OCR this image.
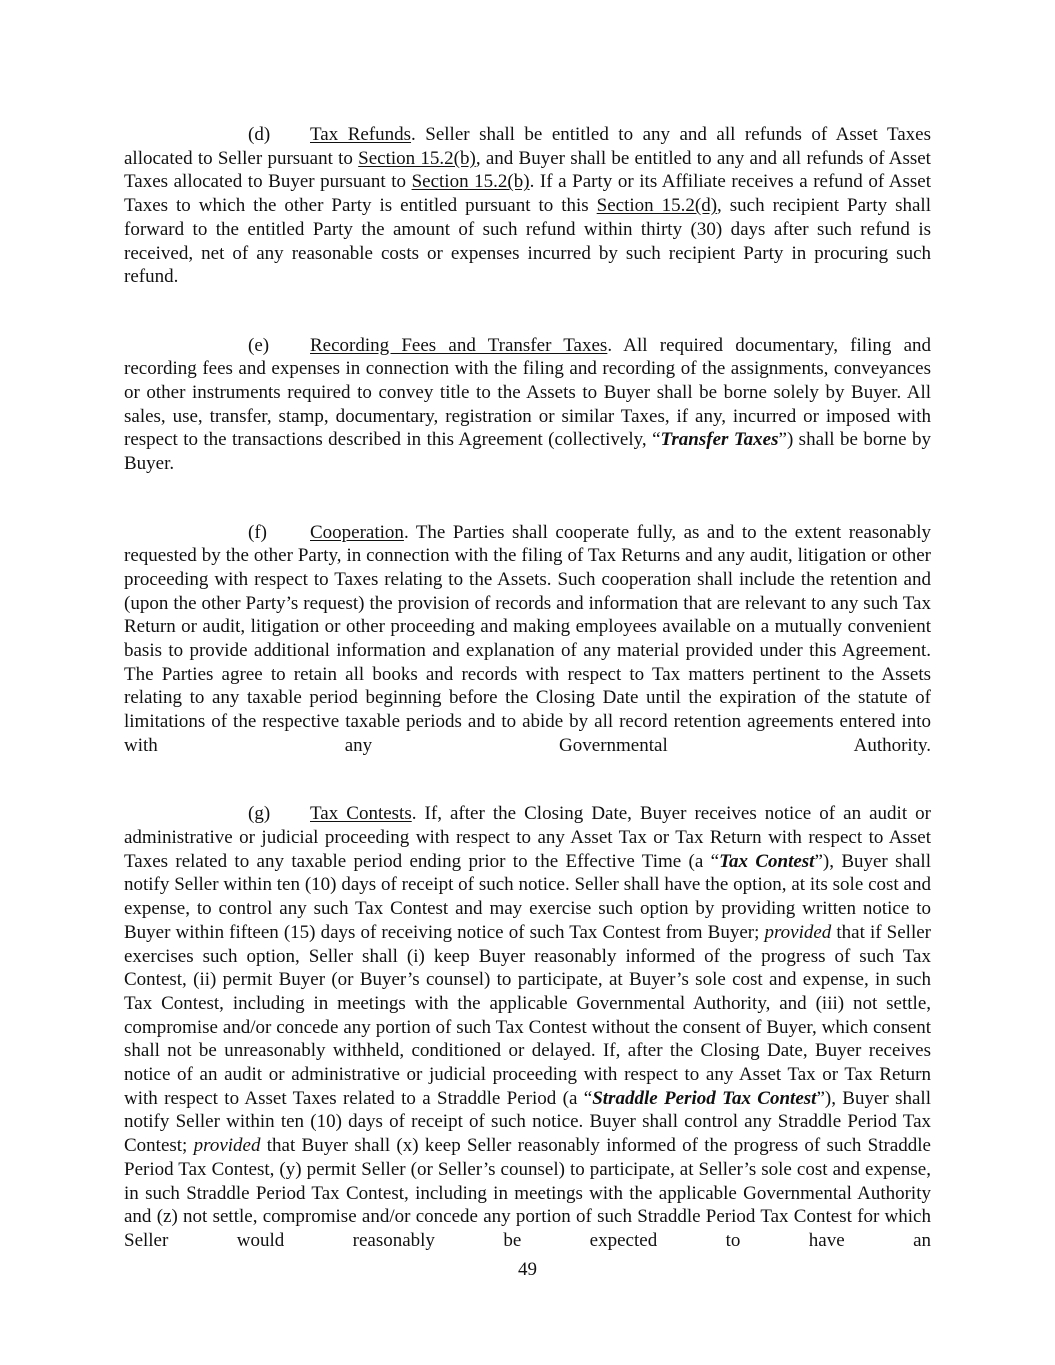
(d) Tax Refunds. Seller shall be entitled to any and all refunds of Asset Taxes allocated to Seller pursuant to Section 15.2(b), and Buyer shall be entitled to any and all refunds of Asset Taxes allocated to Buyer pursuant to Section 15.2(b). If a Party or its Affiliate receives a refund of Asset Taxes to which the other Party is entitled pursuant to this Section 15.2(d), such recipient Party shall forward to the entitled Party the amount of such refund within thirty (30) days after such refund is received, net of any reasonable costs or expenses incurred by such recipient Party in procuring such refund.

(e) Recording Fees and Transfer Taxes. All required documentary, filing and recording fees and expenses in connection with the filing and recording of the assignments, conveyances or other instruments required to convey title to the Assets to Buyer shall be borne solely by Buyer. All sales, use, transfer, stamp, documentary, registration or similar Taxes, if any, incurred or imposed with respect to the transactions described in this Agreement (collectively, “Transfer Taxes”) shall be borne by Buyer.

(f) Cooperation. The Parties shall cooperate fully, as and to the extent reasonably requested by the other Party, in connection with the filing of Tax Returns and any audit, litigation or other proceeding with respect to Taxes relating to the Assets. Such cooperation shall include the retention and (upon the other Party’s request) the provision of records and information that are relevant to any such Tax Return or audit, litigation or other proceeding and making employees available on a mutually convenient basis to provide additional information and explanation of any material provided under this Agreement. The Parties agree to retain all books and records with respect to Tax matters pertinent to the Assets relating to any taxable period beginning before the Closing Date until the expiration of the statute of limitations of the respective taxable periods and to abide by all record retention agreements entered into with any Governmental Authority.

(g) Tax Contests. If, after the Closing Date, Buyer receives notice of an audit or administrative or judicial proceeding with respect to any Asset Tax or Tax Return with respect to Asset Taxes related to any taxable period ending prior to the Effective Time (a “Tax Contest”), Buyer shall notify Seller within ten (10) days of receipt of such notice. Seller shall have the option, at its sole cost and expense, to control any such Tax Contest and may exercise such option by providing written notice to Buyer within fifteen (15) days of receiving notice of such Tax Contest from Buyer; provided that if Seller exercises such option, Seller shall (i) keep Buyer reasonably informed of the progress of such Tax Contest, (ii) permit Buyer (or Buyer’s counsel) to participate, at Buyer’s sole cost and expense, in such Tax Contest, including in meetings with the applicable Governmental Authority, and (iii) not settle, compromise and/or concede any portion of such Tax Contest without the consent of Buyer, which consent shall not be unreasonably withheld, conditioned or delayed. If, after the Closing Date, Buyer receives notice of an audit or administrative or judicial proceeding with respect to any Asset Tax or Tax Return with respect to Asset Taxes related to a Straddle Period (a “Straddle Period Tax Contest”), Buyer shall notify Seller within ten (10) days of receipt of such notice. Buyer shall control any Straddle Period Tax Contest; provided that Buyer shall (x) keep Seller reasonably informed of the progress of such Straddle Period Tax Contest, (y) permit Seller (or Seller’s counsel) to participate, at Seller’s sole cost and expense, in such Straddle Period Tax Contest, including in meetings with the applicable Governmental Authority and (z) not settle, compromise and/or concede any portion of such Straddle Period Tax Contest for which Seller would reasonably be expected to have an

49
